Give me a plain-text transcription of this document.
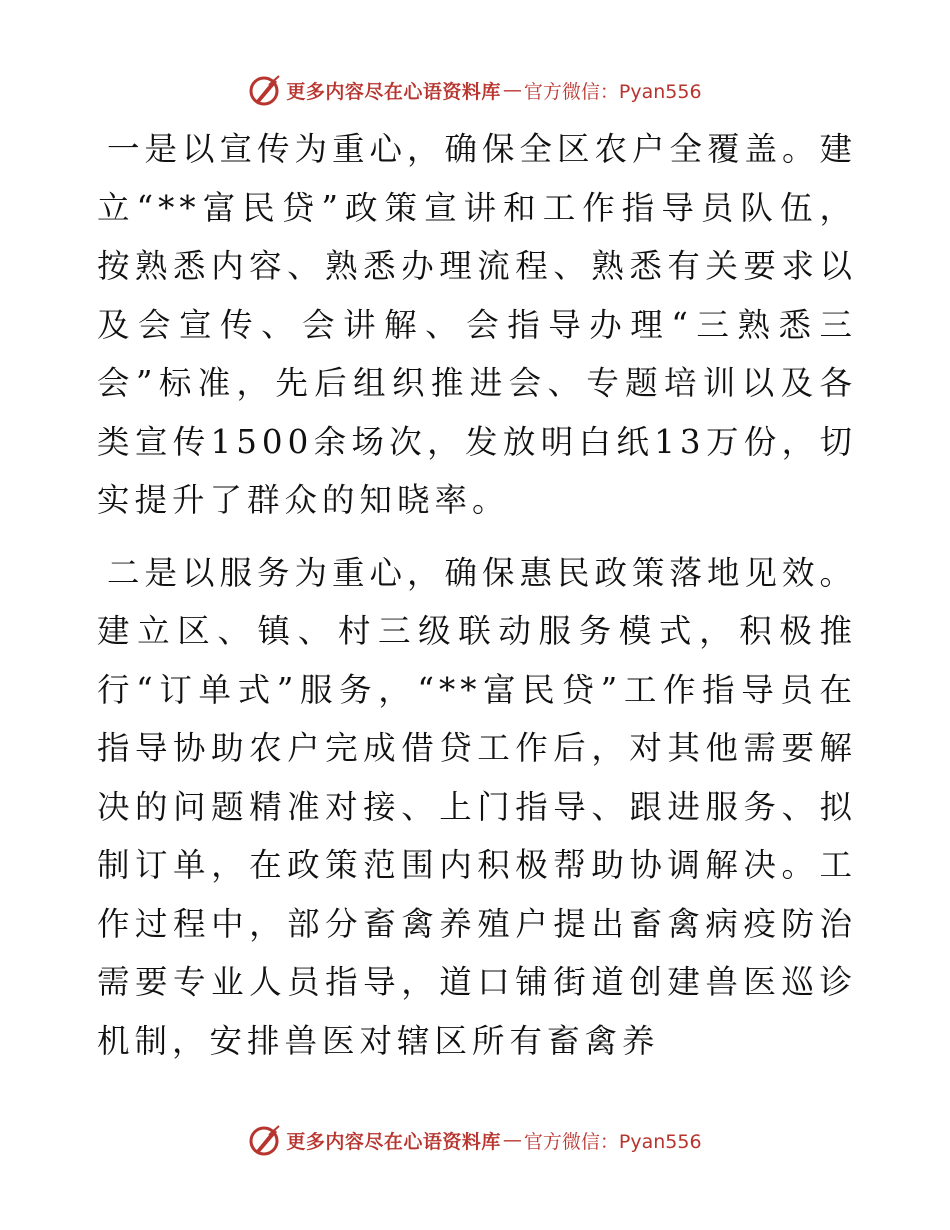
更多内容尽在心语资料库 — 官方微信：Pyan556

一是以宣传为重心，确保全区农户全覆盖。建立“**富民贷”政策宣讲和工作指导员队伍，按熟悉内容、熟悉办理流程、熟悉有关要求以及会宣传、会讲解、会指导办理“三熟悉三会”标准，先后组织推进会、专题培训以及各类宣传1500余场次，发放明白纸13万份，切实提升了群众的知晓率。

二是以服务为重心，确保惠民政策落地见效。建立区、镇、村三级联动服务模式，积极推行“订单式”服务，“**富民贷”工作指导员在指导协助农户完成借贷工作后，对其他需要解决的问题精准对接、上门指导、跟进服务、拟制订单，在政策范围内积极帮助协调解决。工作过程中，部分畜禽养殖户提出畜禽病疫防治需要专业人员指导，道口铺街道创建兽医巡诊机制，安排兽医对辖区所有畜禽养

更多内容尽在心语资料库 — 官方微信：Pyan556
